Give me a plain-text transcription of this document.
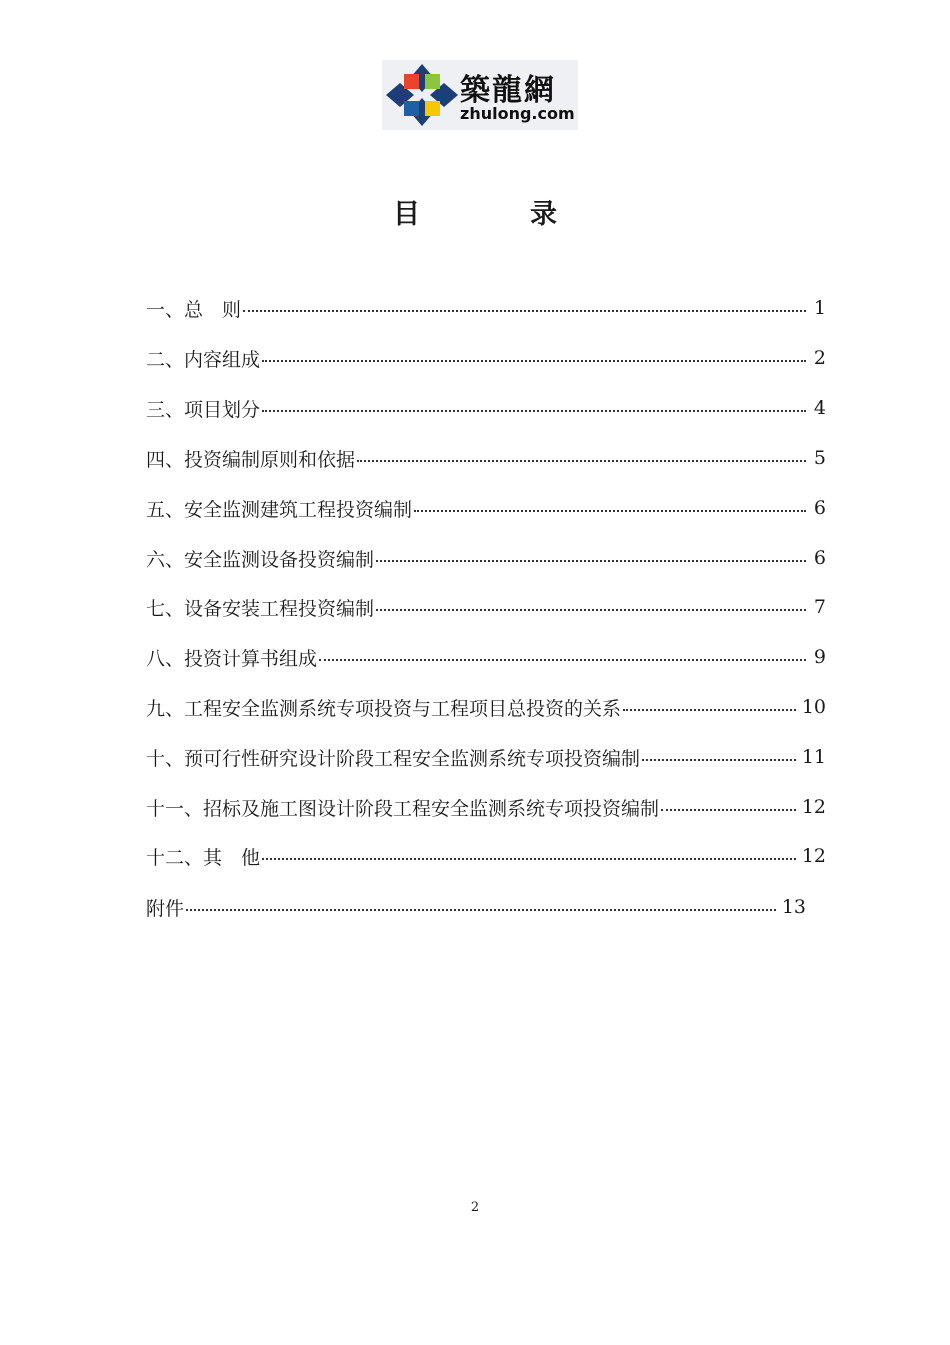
築龍網
zhulong.com
目	录
一、总　则	1
二、内容组成	2
三、项目划分	4
四、投资编制原则和依据	5
五、安全监测建筑工程投资编制	6
六、安全监测设备投资编制	6
七、设备安装工程投资编制	7
八、投资计算书组成	9
九、工程安全监测系统专项投资与工程项目总投资的关系	10
十、预可行性研究设计阶段工程安全监测系统专项投资编制	11
十一、招标及施工图设计阶段工程安全监测系统专项投资编制	12
十二、其　他	12
附件	13
2
